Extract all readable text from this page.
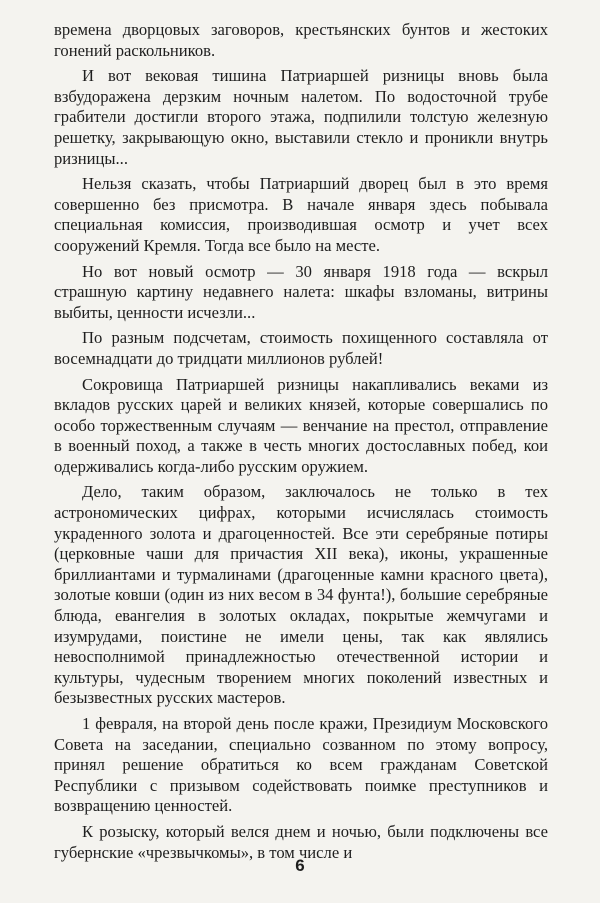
времена дворцовых заговоров, крестьянских бунтов и жестоких гонений раскольников.

И вот вековая тишина Патриаршей ризницы вновь была взбудоражена дерзким ночным налетом. По водосточной трубе грабители достигли второго этажа, подпилили толстую железную решетку, закрывающую окно, выставили стекло и проникли внутрь ризницы...

Нельзя сказать, чтобы Патриарший дворец был в это время совершенно без присмотра. В начале января здесь побывала специальная комиссия, производившая осмотр и учет всех сооружений Кремля. Тогда все было на месте.

Но вот новый осмотр — 30 января 1918 года — вскрыл страшную картину недавнего налета: шкафы взломаны, витрины выбиты, ценности исчезли...

По разным подсчетам, стоимость похищенного составляла от восемнадцати до тридцати миллионов рублей!

Сокровища Патриаршей ризницы накапливались веками из вкладов русских царей и великих князей, которые совершались по особо торжественным случаям — венчание на престол, отправление в военный поход, а также в честь многих достославных побед, кои одерживались когда-либо русским оружием.

Дело, таким образом, заключалось не только в тех астрономических цифрах, которыми исчислялась стоимость украденного золота и драгоценностей. Все эти серебряные потиры (церковные чаши для причастия XII века), иконы, украшенные бриллиантами и турмалинами (драгоценные камни красного цвета), золотые ковши (один из них весом в 34 фунта!), большие серебряные блюда, евангелия в золотых окладах, покрытые жемчугами и изумрудами, поистине не имели цены, так как являлись невосполнимой принадлежностью отечественной истории и культуры, чудесным творением многих поколений известных и безызвестных русских мастеров.

1 февраля, на второй день после кражи, Президиум Московского Совета на заседании, специально созванном по этому вопросу, принял решение обратиться ко всем гражданам Советской Республики с призывом содействовать поимке преступников и возвращению ценностей.

К розыску, который велся днем и ночью, были подключены все губернские «чрезвычкомы», в том числе и

6
